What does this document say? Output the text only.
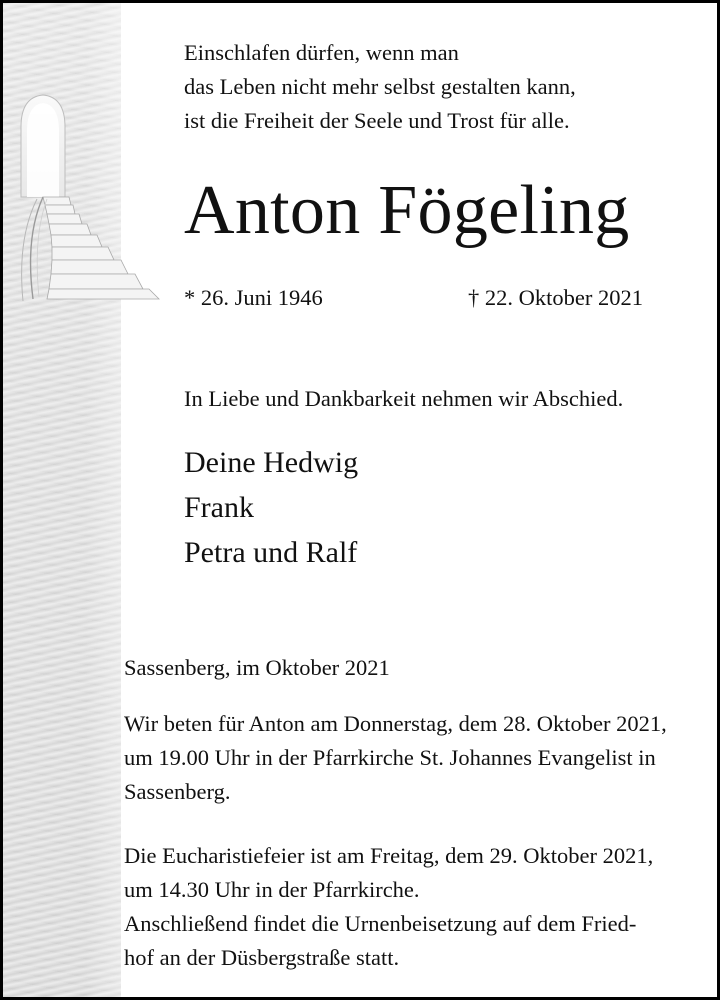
Einschlafen dürfen, wenn man
das Leben nicht mehr selbst gestalten kann,
ist die Freiheit der Seele und Trost für alle.
Anton Fögeling
* 26. Juni 1946	† 22. Oktober 2021
In Liebe und Dankbarkeit nehmen wir Abschied.
Deine Hedwig
Frank
Petra und Ralf
Sassenberg, im Oktober 2021
Wir beten für Anton am Donnerstag, dem 28. Oktober 2021,
um 19.00 Uhr in der Pfarrkirche St. Johannes Evangelist in
Sassenberg.
Die Eucharistiefeier ist am Freitag, dem 29. Oktober 2021,
um 14.30 Uhr in der Pfarrkirche.
Anschließend findet die Urnenbeisetzung auf dem Fried-
hof an der Düsbergstraße statt.
